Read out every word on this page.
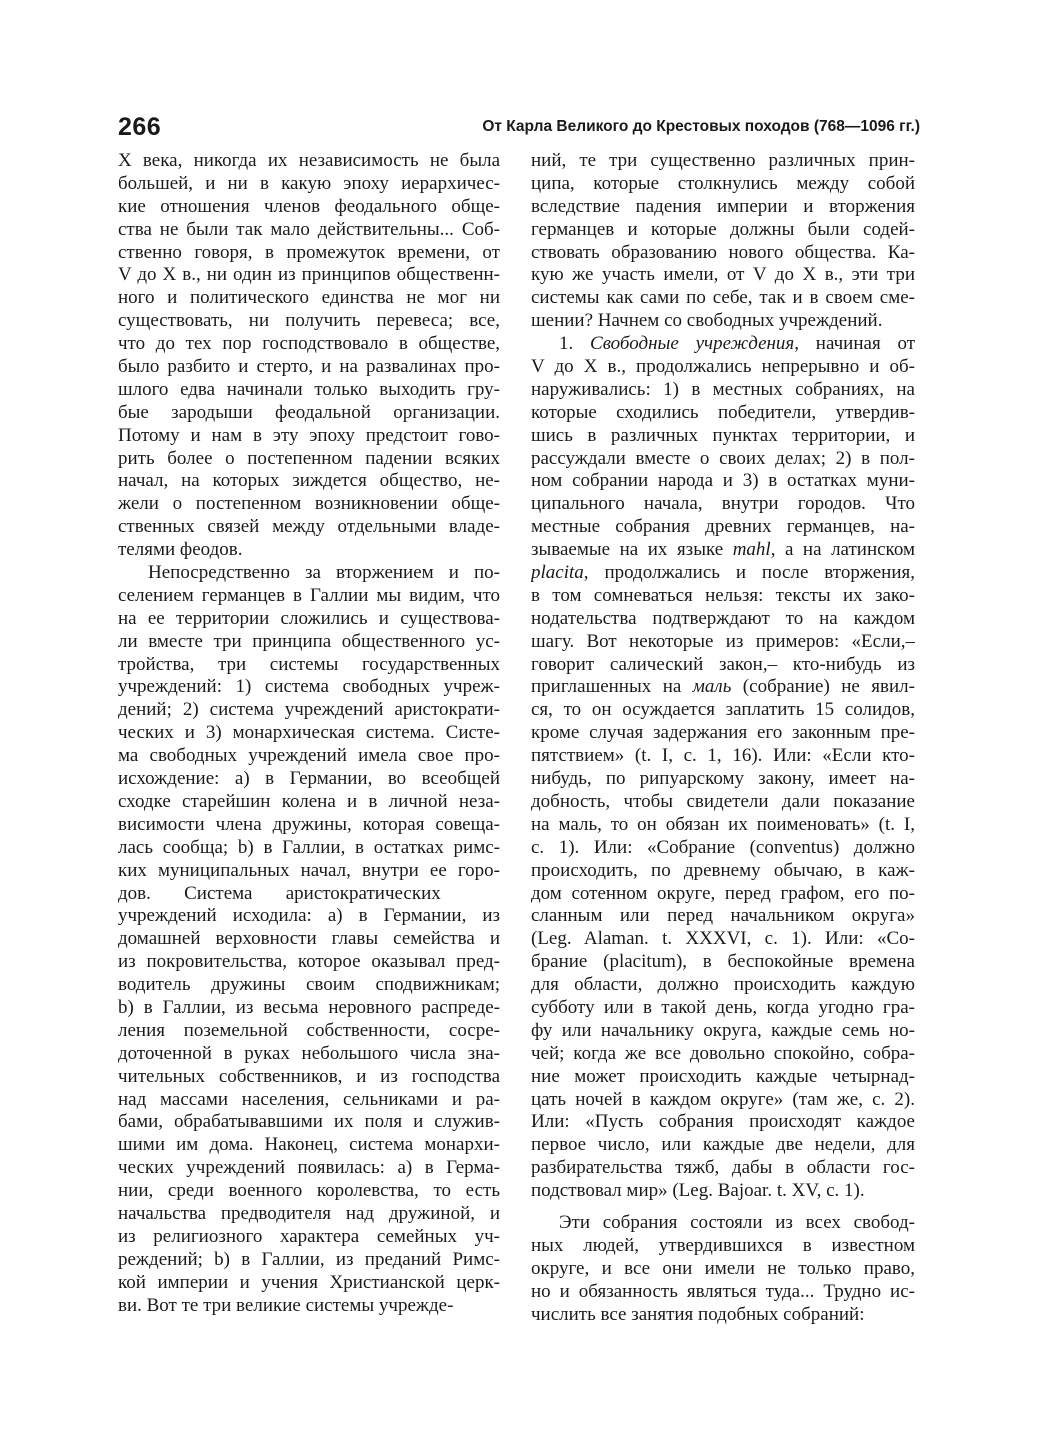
266	От Карла Великого до Крестовых походов (768—1096 гг.)
X века, никогда их независимость не была
большей, и ни в какую эпоху иерархичес-
кие отношения членов феодального обще-
ства не были так мало действительны... Соб-
ственно говоря, в промежуток времени, от
V до X в., ни один из принципов общественн-
ного и политического единства не мог ни
существовать, ни получить перевеса; все,
что до тех пор господствовало в обществе,
было разбито и стерто, и на развалинах про-
шлого едва начинали только выходить гру-
бые зародыши феодальной организации.
Потому и нам в эту эпоху предстоит гово-
рить более о постепенном падении всяких
начал, на которых зиждется общество, не-
жели о постепенном возникновении обще-
ственных связей между отдельными владе-
телями феодов.
Непосредственно за вторжением и по-
селением германцев в Галлии мы видим, что
на ее территории сложились и существова-
ли вместе три принципа общественного ус-
тройства, три системы государственных
учреждений: 1) система свободных учреж-
дений; 2) система учреждений аристократи-
ческих и 3) монархическая система. Систе-
ма свободных учреждений имела свое про-
исхождение: а) в Германии, во всеобщей
сходке старейшин колена и в личной неза-
висимости члена дружины, которая совеща-
лась сообща; b) в Галлии, в остатках римс-
ких муниципальных начал, внутри ее горо-
дов.       Система       аристократических
учреждений исходила: а) в Германии, из
домашней верховности главы семейства и
из покровительства, которое оказывал пред-
водитель дружины своим сподвижникам;
b) в Галлии, из весьма неровного распреде-
ления поземельной собственности, сосре-
доточенной в руках небольшого числа зна-
чительных собственников, и из господства
над массами населения, сельниками и ра-
бами, обрабатывавшими их поля и служив-
шими им дома. Наконец, система монархи-
ческих учреждений появилась: а) в Герма-
нии, среди военного королевства, то есть
начальства предводителя над дружиной, и
из религиозного характера семейных уч-
реждений; b) в Галлии, из преданий Римс-
кой империи и учения Христианской церк-
ви. Вот те три великие системы учрежде-
ний, те три существенно различных прин-
ципа, которые столкнулись между собой
вследствие падения империи и вторжения
германцев и которые должны были содей-
ствовать образованию нового общества. Ка-
кую же участь имели, от V до X в., эти три
системы как сами по себе, так и в своем сме-
шении? Начнем со свободных учреждений.
1. Свободные учреждения, начиная от
V до X в., продолжались непрерывно и об-
наруживались: 1) в местных собраниях, на
которые сходились победители, утвердив-
шись в различных пунктах территории, и
рассуждали вместе о своих делах; 2) в пол-
ном собрании народа и 3) в остатках муни-
ципального начала, внутри городов. Что
местные собрания древних германцев, на-
зываемые на их языке mahl, а на латинском
placita, продолжались и после вторжения,
в том сомневаться нельзя: тексты их зако-
нодательства подтверждают то на каждом
шагу. Вот некоторые из примеров: «Если,–
говорит салический закон,– кто-нибудь из
приглашенных на маль (собрание) не явил-
ся, то он осуждается заплатить 15 солидов,
кроме случая задержания его законным пре-
пятствием» (t. I, c. 1, 16). Или: «Если кто-
нибудь, по рипуарскому закону, имеет на-
добность, чтобы свидетели дали показание
на маль, то он обязан их поименовать» (t. I,
c. 1). Или: «Собрание (conventus) должно
происходить, по древнему обычаю, в каж-
дом сотенном округе, перед графом, его по-
сланным или перед начальником округа»
(Leg. Alaman. t. XXXVI, c. 1). Или: «Со-
брание (placitum), в беспокойные времена
для области, должно происходить каждую
субботу или в такой день, когда угодно гра-
фу или начальнику округа, каждые семь но-
чей; когда же все довольно спокойно, собра-
ние может происходить каждые четырнад-
цать ночей в каждом округе» (там же, c. 2).
Или: «Пусть собрания происходят каждое
первое число, или каждые две недели, для
разбирательства тяжб, дабы в области гос-
подствовал мир» (Leg. Bajoar. t. XV, c. 1).
Эти собрания состояли из всех свобод-
ных людей, утвердившихся в известном
округе, и все они имели не только право,
но и обязанность являться туда... Трудно ис-
числить все занятия подобных собраний:
